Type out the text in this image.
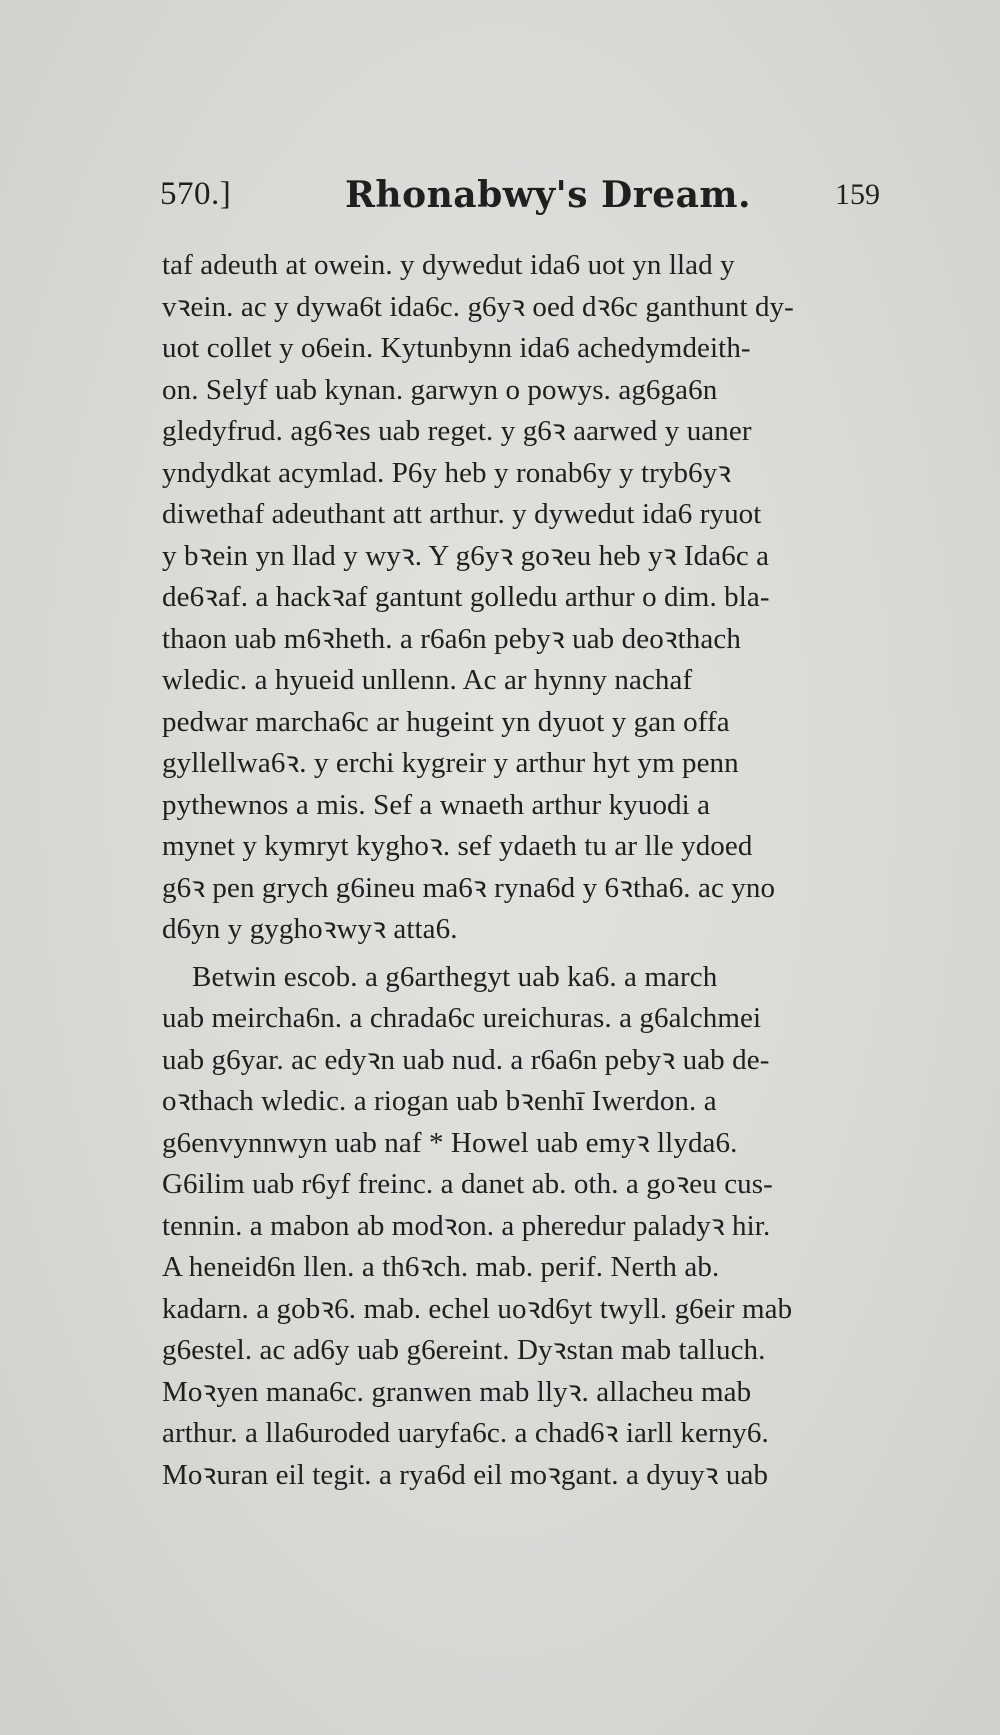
570.]	Rhonabwy's Dream.	159
taf adeuth at owein. y dywedut ida6 uot yn llad y
vꝛein. ac y dywa6t ida6c. g6yꝛ oed dꝛ6c ganthunt dy-
uot collet y o6ein. Kytunbynn ida6 achedymdeith-
on. Selyf uab kynan. garwyn o powys. ag6ga6n
gledyfrud. ag6ꝛes uab reget. y g6ꝛ aarwed y uaner
yndydkat acymlad. P6y heb y ronab6y y tryb6yꝛ
diwethaf adeuthant att arthur. y dywedut ida6 ryuot
y bꝛein yn llad y wyꝛ. Y g6yꝛ goꝛeu heb yꝛ Ida6c a
de6ꝛaf. a hackꝛaf gantunt golledu arthur o dim. bla-
thaon uab m6ꝛheth. a r6a6n pebyꝛ uab deoꝛthach
wledic. a hyueid unllenn. Ac ar hynny nachaf
pedwar marcha6c ar hugeint yn dyuot y gan offa
gyllellwa6ꝛ. y erchi kygreir y arthur hyt ym penn
pythewnos a mis. Sef a wnaeth arthur kyuodi a
mynet y kymryt kyghoꝛ. sef ydaeth tu ar lle ydoed
g6ꝛ pen grych g6ineu ma6ꝛ ryna6d y 6ꝛtha6. ac yno
d6yn y gyghoꝛwyꝛ atta6.
Betwin escob. a g6arthegyt uab ka6. a march
uab meircha6n. a chrada6c ureichuras. a g6alchmei
uab g6yar. ac edyꝛn uab nud. a r6a6n pebyꝛ uab de-
oꝛthach wledic. a riogan uab bꝛenhī Iwerdon. a
g6envynnwyn uab naf * Howel uab emyꝛ llyda6.
G6ilim uab r6yf freinc. a danet ab. oth. a goꝛeu cus-
tennin. a mabon ab modꝛon. a pheredur paladyꝛ hir.
A heneid6n llen. a th6ꝛch. mab. perif. Nerth ab.
kadarn. a gobꝛ6. mab. echel uoꝛd6yt twyll. g6eir mab
g6estel. ac ad6y uab g6ereint. Dyꝛstan mab talluch.
Moꝛyen mana6c. granwen mab llyꝛ. allacheu mab
arthur. a lla6uroded uaryfa6c. a chad6ꝛ iarll kerny6.
Moꝛuran eil tegit. a rya6d eil moꝛgant. a dyuyꝛ uab
